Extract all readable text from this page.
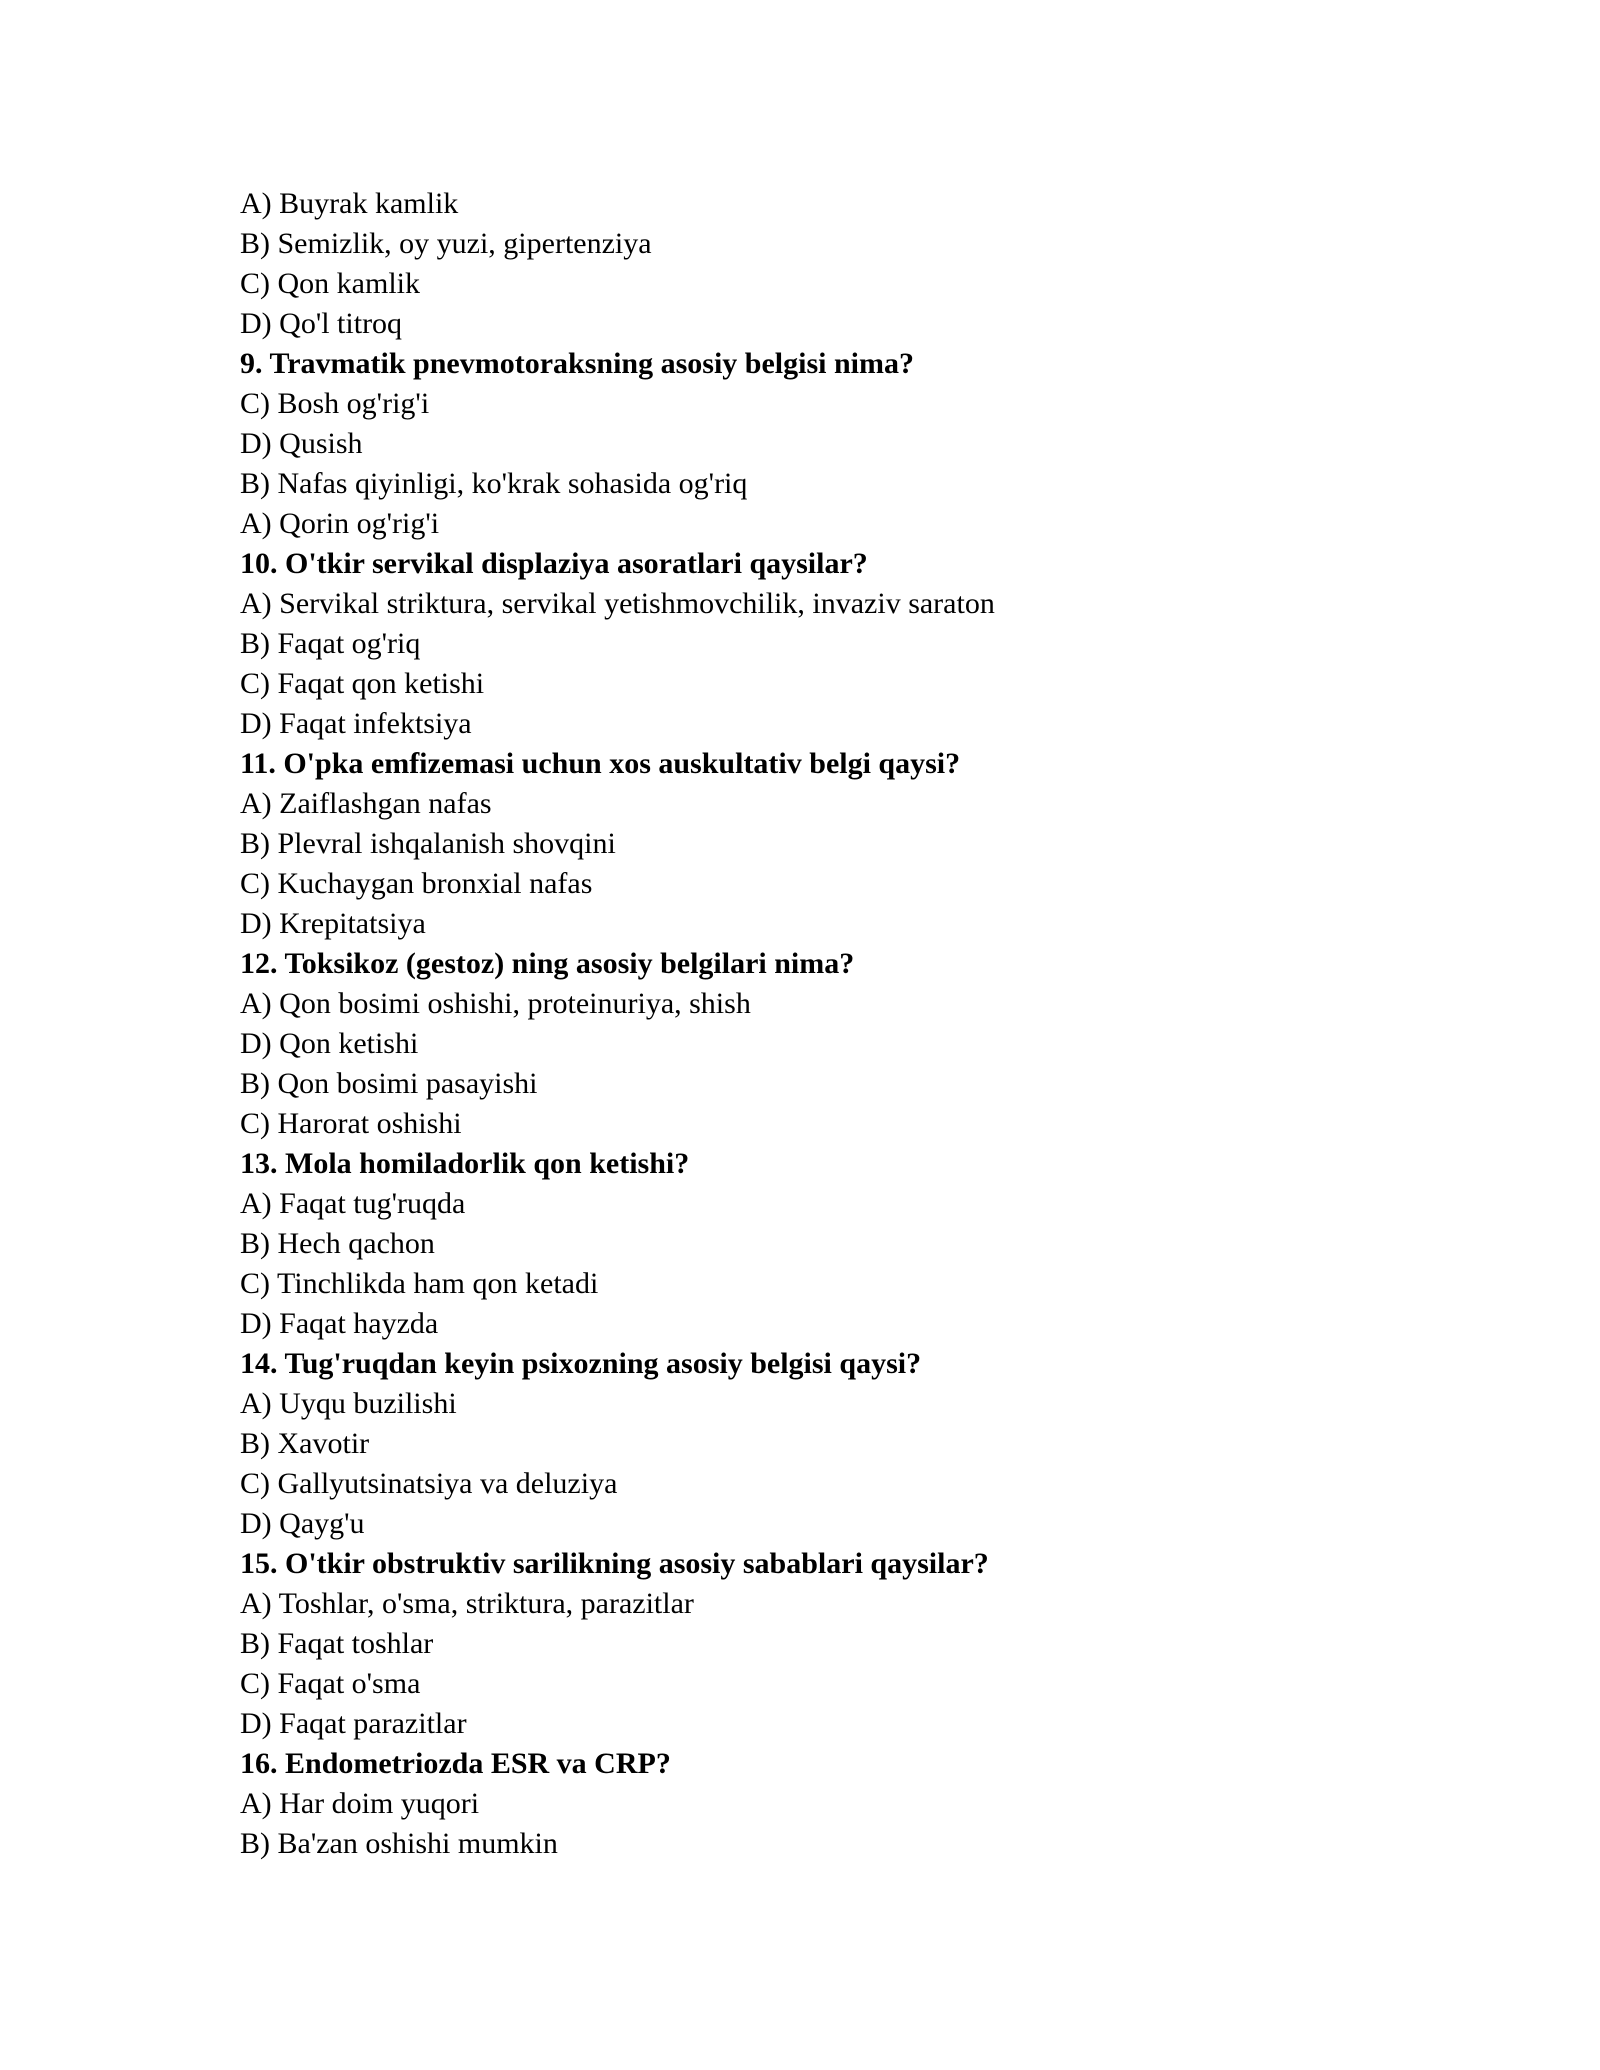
A) Buyrak kamlik
B) Semizlik, oy yuzi, gipertenziya
C) Qon kamlik
D) Qo'l titroq
9. Travmatik pnevmotoraksning asosiy belgisi nima?
C) Bosh og'rig'i
D) Qusish
B) Nafas qiyinligi, ko'krak sohasida og'riq
A) Qorin og'rig'i
10. O'tkir servikal displaziya asoratlari qaysilar?
A) Servikal striktura, servikal yetishmovchilik, invaziv saraton
B) Faqat og'riq
C) Faqat qon ketishi
D) Faqat infektsiya
11. O'pka emfizemasi uchun xos auskultativ belgi qaysi?
A) Zaiflashgan nafas
B) Plevral ishqalanish shovqini
C) Kuchaygan bronxial nafas
D) Krepitatsiya
12. Toksikoz (gestoz) ning asosiy belgilari nima?
A) Qon bosimi oshishi, proteinuriya, shish
D) Qon ketishi
B) Qon bosimi pasayishi
C) Harorat oshishi
13. Mola homiladorlik qon ketishi?
A) Faqat tug'ruqda
B) Hech qachon
C) Tinchlikda ham qon ketadi
D) Faqat hayzda
14. Tug'ruqdan keyin psixozning asosiy belgisi qaysi?
A) Uyqu buzilishi
B) Xavotir
C) Gallyutsinatsiya va deluziya
D) Qayg'u
15. O'tkir obstruktiv sarilikning asosiy sabablari qaysilar?
A) Toshlar, o'sma, striktura, parazitlar
B) Faqat toshlar
C) Faqat o'sma
D) Faqat parazitlar
16. Endometriozda ESR va CRP?
A) Har doim yuqori
B) Ba'zan oshishi mumkin
